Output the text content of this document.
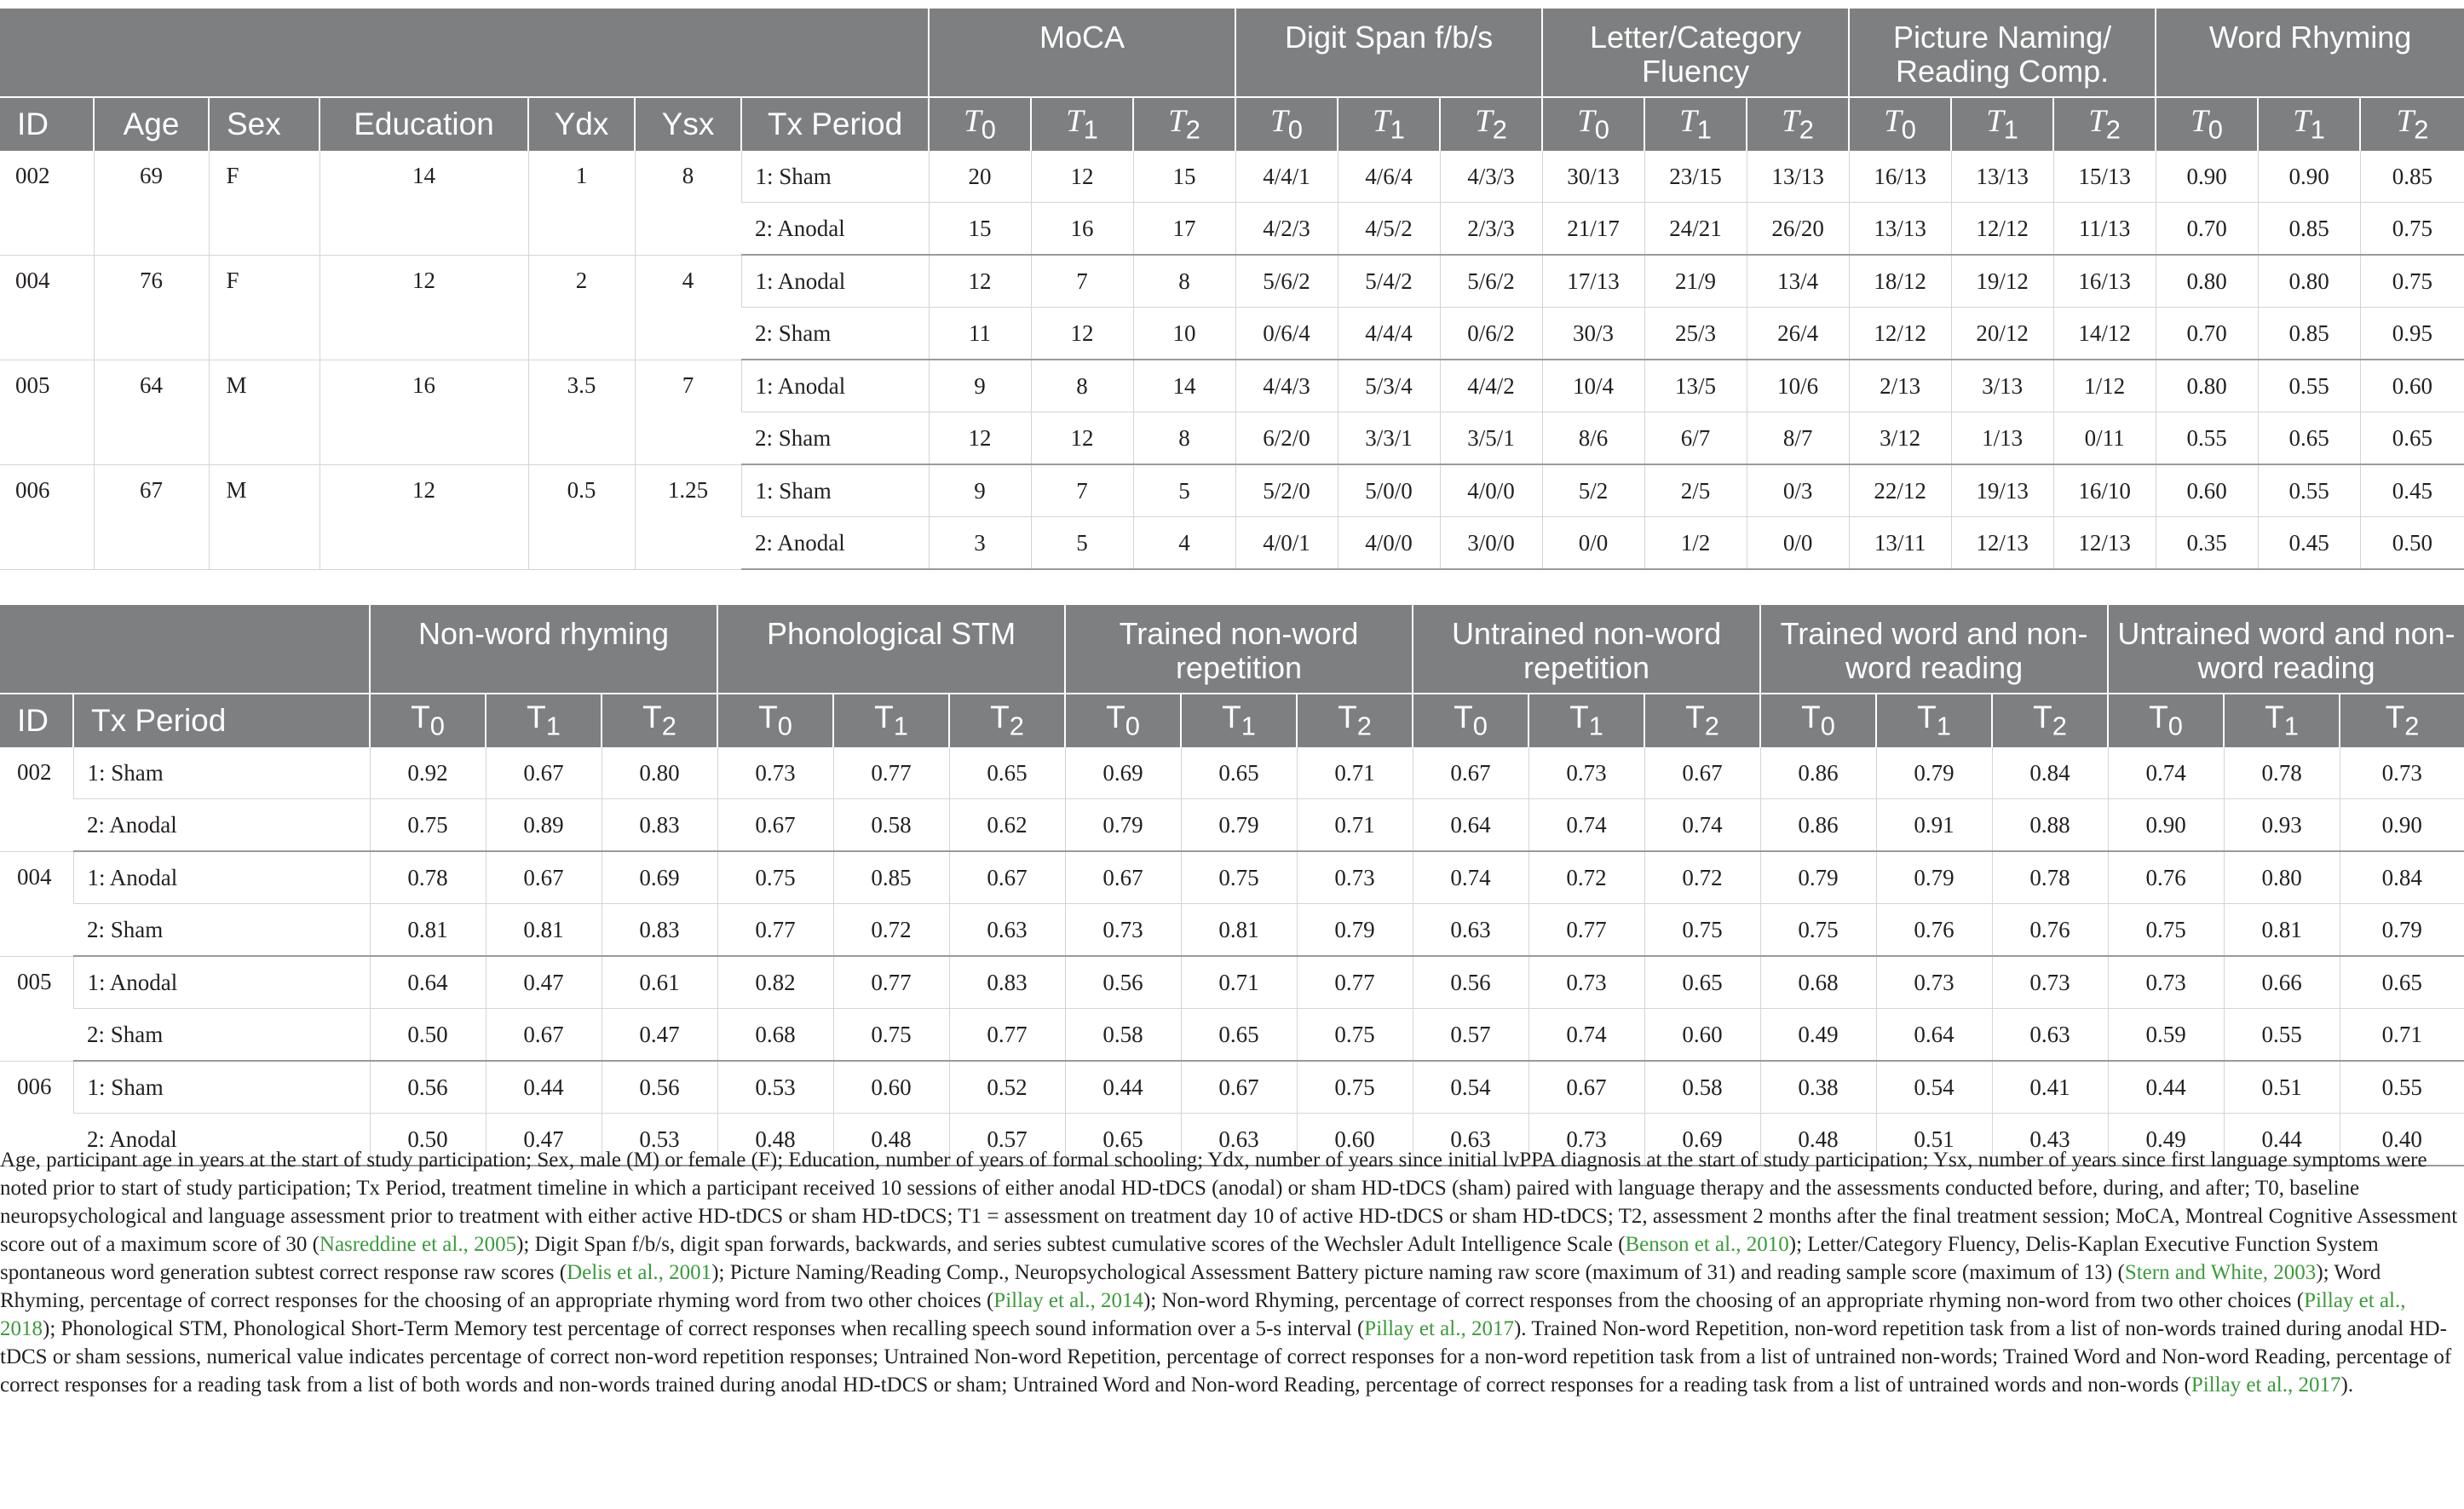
							MoCA			Digit Span f/b/s			Letter/Category Fluency			Picture Naming/ Reading Comp.			Word Rhyming		
ID	Age	Sex	Education	Ydx	Ysx	Tx Period	$T_0$	$T_1$	$T_2$	$T_0$	$T_1$	$T_2$	$T_0$	$T_1$	$T_2$	$T_0$	$T_1$	$T_2$	$T_0$	$T_1$	$T_2$
002	69	F	14	1	8	1: Sham	20	12	15	4/4/1	4/6/4	4/3/3	30/13	23/15	13/13	16/13	13/13	15/13	0.90	0.90	0.85
						2: Anodal	15	16	17	4/2/3	4/5/2	2/3/3	21/17	24/21	26/20	13/13	12/12	11/13	0.70	0.85	0.75
004	76	F	12	2	4	1: Anodal	12	7	8	5/6/2	5/4/2	5/6/2	17/13	21/9	13/4	18/12	19/12	16/13	0.80	0.80	0.75
						2: Sham	11	12	10	0/6/4	4/4/4	0/6/2	30/3	25/3	26/4	12/12	20/12	14/12	0.70	0.85	0.95
005	64	M	16	3.5	7	1: Anodal	9	8	14	4/4/3	5/3/4	4/4/2	10/4	13/5	10/6	2/13	3/13	1/12	0.80	0.55	0.60
						2: Sham	12	12	8	6/2/0	3/3/1	3/5/1	8/6	6/7	8/7	3/12	1/13	0/11	0.55	0.65	0.65
006	67	M	12	0.5	1.25	1: Sham	9	7	5	5/2/0	5/0/0	4/0/0	5/2	2/5	0/3	22/12	19/13	16/10	0.60	0.55	0.45
						2: Anodal	3	5	4	4/0/1	4/0/0	3/0/0	0/0	1/2	0/0	13/11	12/13	12/13	0.35	0.45	0.50
		Non-word rhyming			Phonological STM			Trained non-word repetition			Untrained non-word repetition			Trained word and non-word reading			Untrained word and non-word reading		
ID	Tx Period	$T_0$	$T_1$	$T_2$	$T_0$	$T_1$	$T_2$	$T_0$	$T_1$	$T_2$	$T_0$	$T_1$	$T_2$	$T_0$	$T_1$	$T_2$	$T_0$	$T_1$	$T_2$
002	1: Sham	0.92	0.67	0.80	0.73	0.77	0.65	0.69	0.65	0.71	0.67	0.73	0.67	0.86	0.79	0.84	0.74	0.78	0.73
	2: Anodal	0.75	0.89	0.83	0.67	0.58	0.62	0.79	0.79	0.71	0.64	0.74	0.74	0.86	0.91	0.88	0.90	0.93	0.90
004	1: Anodal	0.78	0.67	0.69	0.75	0.85	0.67	0.67	0.75	0.73	0.74	0.72	0.72	0.79	0.79	0.78	0.76	0.80	0.84
	2: Sham	0.81	0.81	0.83	0.77	0.72	0.63	0.73	0.81	0.79	0.63	0.77	0.75	0.75	0.76	0.76	0.75	0.81	0.79
005	1: Anodal	0.64	0.47	0.61	0.82	0.77	0.83	0.56	0.71	0.77	0.56	0.73	0.65	0.68	0.73	0.73	0.73	0.66	0.65
	2: Sham	0.50	0.67	0.47	0.68	0.75	0.77	0.58	0.65	0.75	0.57	0.74	0.60	0.49	0.64	0.63	0.59	0.55	0.71
006	1: Sham	0.56	0.44	0.56	0.53	0.60	0.52	0.44	0.67	0.75	0.54	0.67	0.58	0.38	0.54	0.41	0.44	0.51	0.55
	2: Anodal	0.50	0.47	0.53	0.48	0.48	0.57	0.65	0.63	0.60	0.63	0.73	0.69	0.48	0.51	0.43	0.49	0.44	0.40

Age, participant age in years at the start of study participation; Sex, male (M) or female (F); Education, number of years of formal schooling; Ydx, number of years since initial lvPPA diagnosis at the start of study participation; Ysx, number of years since first language symptoms were noted prior to start of study participation; Tx Period, treatment timeline in which a participant received 10 sessions of either anodal HD-tDCS (anodal) or sham HD-tDCS (sham) paired with language therapy and the assessments conducted before, during, and after; T0, baseline neuropsychological and language assessment prior to treatment with either active HD-tDCS or sham HD-tDCS; T1 = assessment on treatment day 10 of active HD-tDCS or sham HD-tDCS; T2, assessment 2 months after the final treatment session; MoCA, Montreal Cognitive Assessment score out of a maximum score of 30 (Nasreddine et al., 2005); Digit Span f/b/s, digit span forwards, backwards, and series subtest cumulative scores of the Wechsler Adult Intelligence Scale (Benson et al., 2010); Letter/Category Fluency, Delis-Kaplan Executive Function System spontaneous word generation subtest correct response raw scores (Delis et al., 2001); Picture Naming/Reading Comp., Neuropsychological Assessment Battery picture naming raw score (maximum of 31) and reading sample score (maximum of 13) (Stern and White, 2003); Word Rhyming, percentage of correct responses for the choosing of an appropriate rhyming word from two other choices (Pillay et al., 2014); Non-word Rhyming, percentage of correct responses from the choosing of an appropriate rhyming non-word from two other choices (Pillay et al., 2018); Phonological STM, Phonological Short-Term Memory test percentage of correct responses when recalling speech sound information over a 5-s interval (Pillay et al., 2017). Trained Non-word Repetition, non-word repetition task from a list of non-words trained during anodal HD-tDCS or sham sessions, numerical value indicates percentage of correct non-word repetition responses; Untrained Non-word Repetition, percentage of correct responses for a non-word repetition task from a list of untrained non-words; Trained Word and Non-word Reading, percentage of correct responses for a reading task from a list of both words and non-words trained during anodal HD-tDCS or sham; Untrained Word and Non-word Reading, percentage of correct responses for a reading task from a list of untrained words and non-words (Pillay et al., 2017).
